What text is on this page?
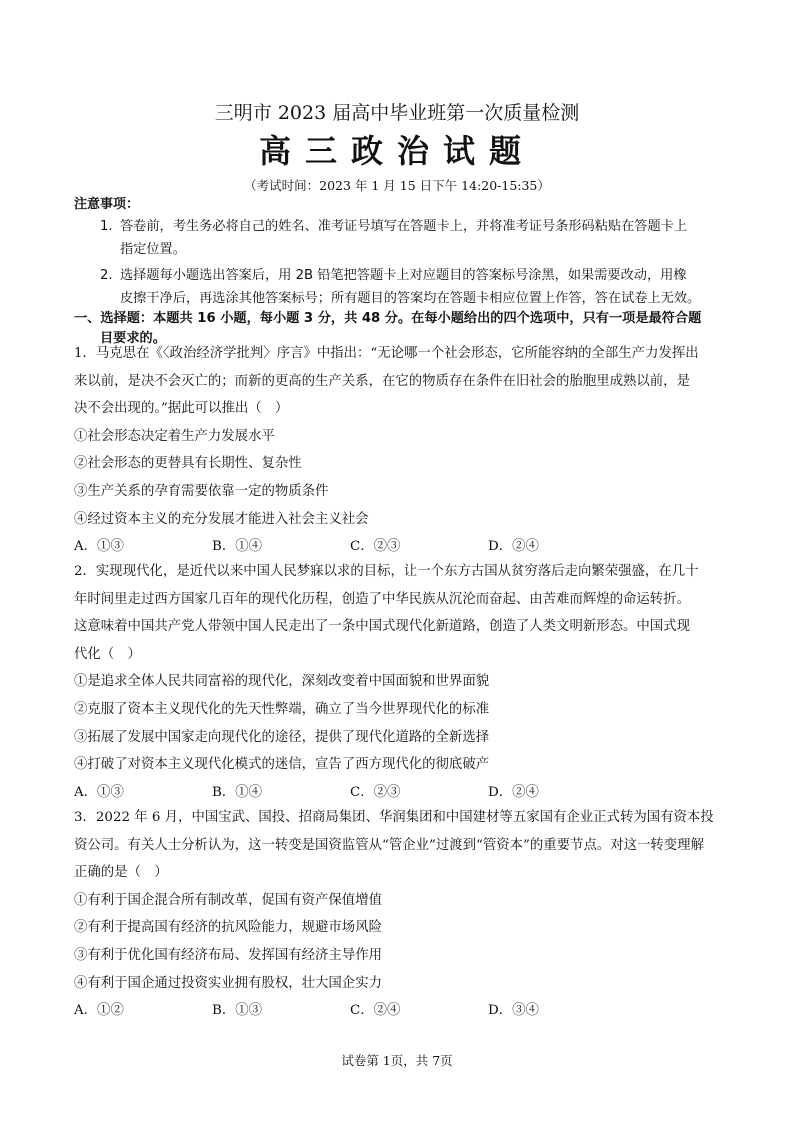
三明市 2023 届高中毕业班第一次质量检测
高三政治试题
（考试时间：2023 年 1 月 15 日下午 14:20-15:35）
注意事项：
1. 答卷前，考生务必将自己的姓名、准考证号填写在答题卡上，并将准考证号条形码粘贴在答题卡上
指定位置。
2. 选择题每小题选出答案后，用 2B 铅笔把答题卡上对应题目的答案标号涂黑，如果需要改动，用橡
皮擦干净后，再选涂其他答案标号；所有题目的答案均在答题卡相应位置上作答，答在试卷上无效。
一、选择题：本题共 16 小题，每小题 3 分，共 48 分。在每小题给出的四个选项中，只有一项是最符合题
目要求的。
1．马克思在《〈政治经济学批判〉序言》中指出：“无论哪一个社会形态，它所能容纳的全部生产力发挥出
来以前，是决不会灭亡的；而新的更高的生产关系，在它的物质存在条件在旧社会的胎胞里成熟以前，是
决不会出现的。”据此可以推出（　）
①社会形态决定着生产力发展水平
②社会形态的更替具有长期性、复杂性
③生产关系的孕育需要依靠一定的物质条件
④经过资本主义的充分发展才能进入社会主义社会
A．①③	B．①④	C．②③	D．②④
2．实现现代化，是近代以来中国人民梦寐以求的目标，让一个东方古国从贫穷落后走向繁荣强盛，在几十
年时间里走过西方国家几百年的现代化历程，创造了中华民族从沉沦而奋起、由苦难而辉煌的命运转折。
这意味着中国共产党人带领中国人民走出了一条中国式现代化新道路，创造了人类文明新形态。中国式现
代化（　）
①是追求全体人民共同富裕的现代化，深刻改变着中国面貌和世界面貌
②克服了资本主义现代化的先天性弊端，确立了当今世界现代化的标准
③拓展了发展中国家走向现代化的途径，提供了现代化道路的全新选择
④打破了对资本主义现代化模式的迷信，宣告了西方现代化的彻底破产
A．①③	B．①④	C．②③	D．②④
3．2022 年 6 月，中国宝武、国投、招商局集团、华润集团和中国建材等五家国有企业正式转为国有资本投
资公司。有关人士分析认为，这一转变是国资监管从“管企业”过渡到“管资本”的重要节点。对这一转变理解
正确的是（　）
①有利于国企混合所有制改革，促国有资产保值增值
②有利于提高国有经济的抗风险能力，规避市场风险
③有利于优化国有经济布局、发挥国有经济主导作用
④有利于国企通过投资实业拥有股权，壮大国企实力
A．①②	B．①③	C．②④	D．③④
试卷第 1页，共 7页
